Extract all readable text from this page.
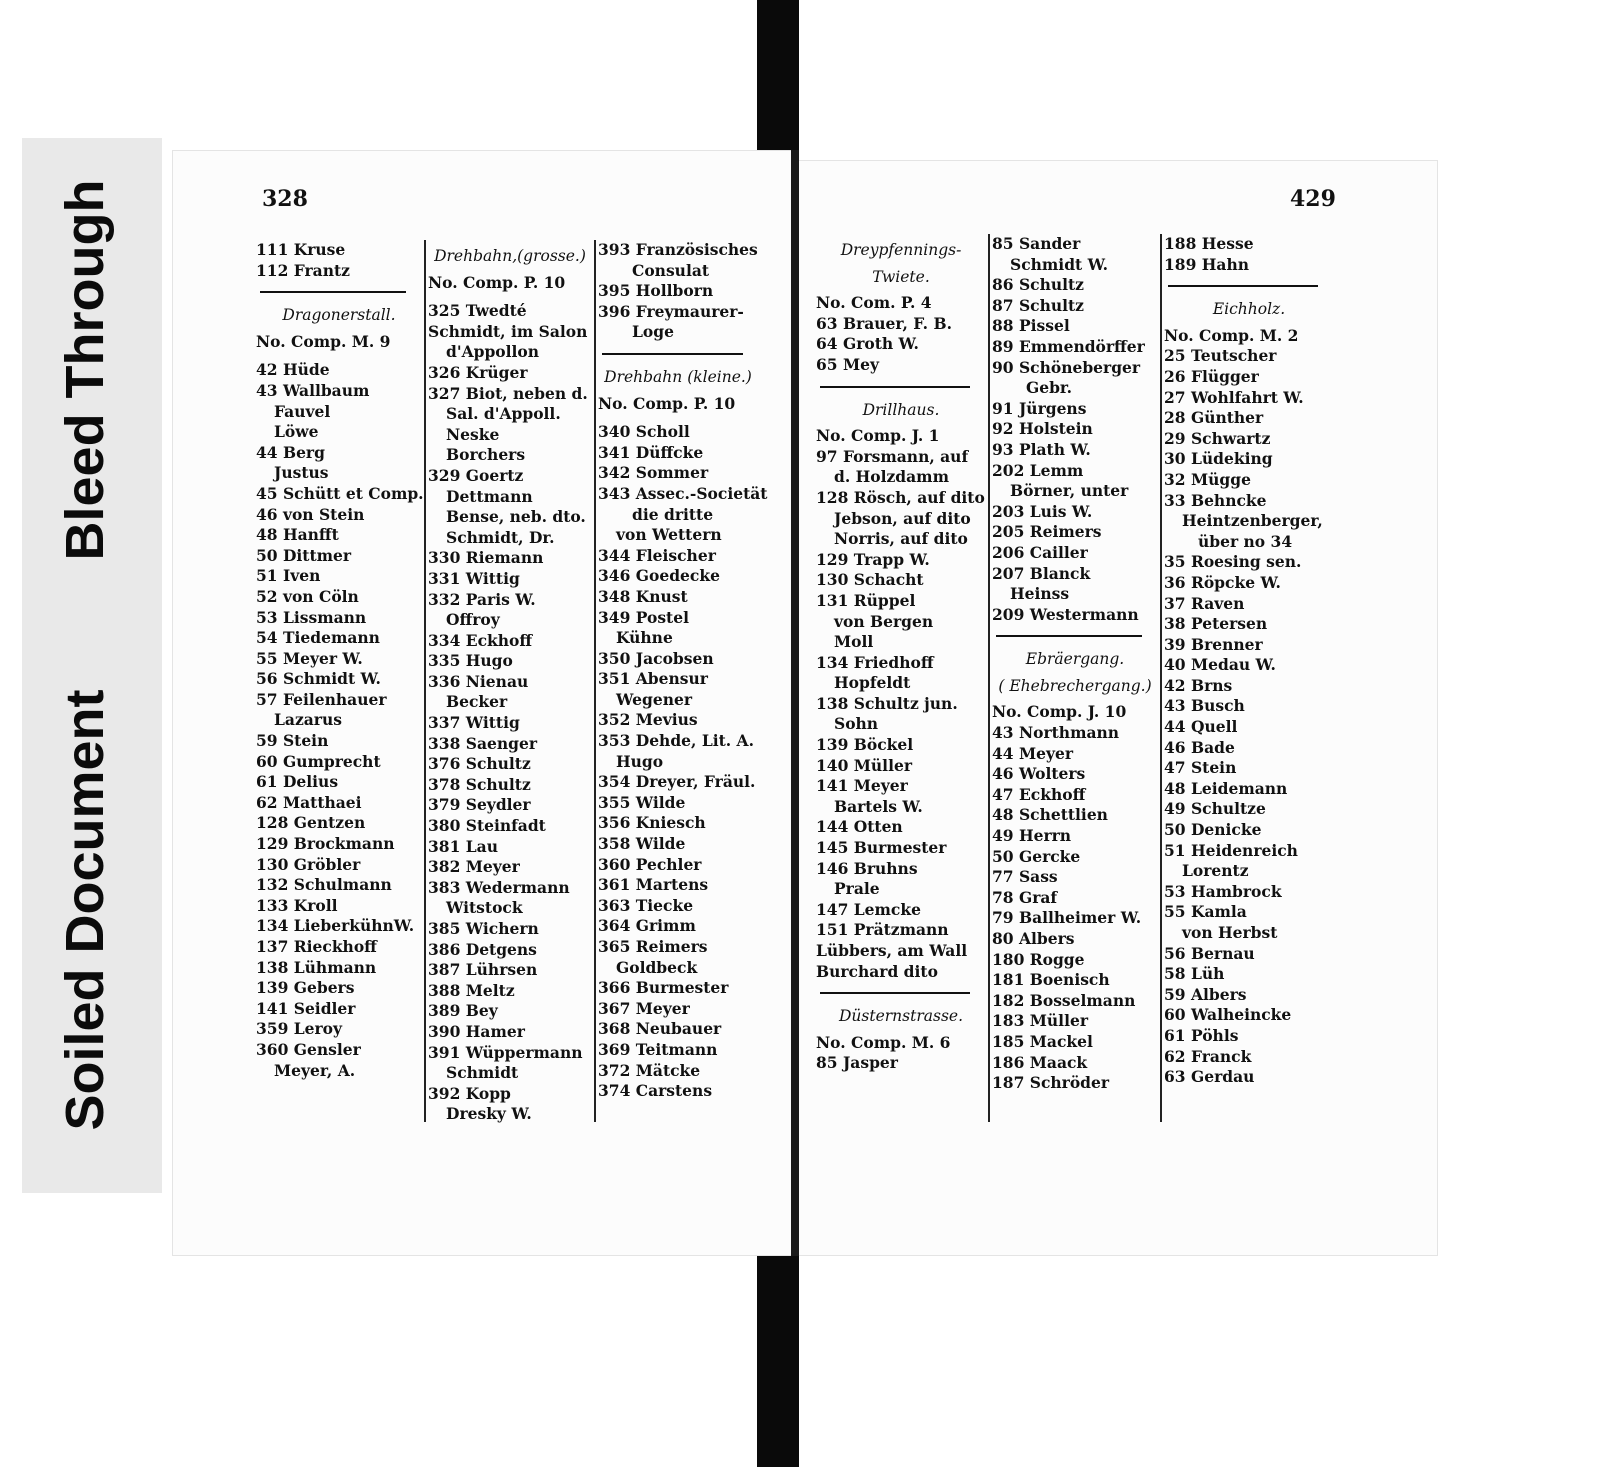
Soiled Document
Bleed Through	328	429
111 Kruse
112 Frantz
Dragonerstall.
No. Comp. M. 9
42 Hüde
43 Wallbaum
Fauvel
Löwe
44 Berg
Justus
45 Schütt et Comp.
46 von Stein
48 Hanfft
50 Dittmer
51 Iven
52 von Cöln
53 Lissmann
54 Tiedemann
55 Meyer W.
56 Schmidt W.
57 Feilenhauer
Lazarus
59 Stein
60 Gumprecht
61 Delius
62 Matthaei
128 Gentzen
129 Brockmann
130 Gröbler
132 Schulmann
133 Kroll
134 LieberkühnW.
137 Rieckhoff
138 Lühmann
139 Gebers
141 Seidler
359 Leroy
360 Gensler
Meyer, A.
Drehbahn,(grosse.)
No. Comp. P. 10
325 Twedté
Schmidt, im Salon
d'Appollon
326 Krüger
327 Biot, neben d.
Sal. d'Appoll.
Neske
Borchers
329 Goertz
Dettmann
Bense, neb. dto.
Schmidt, Dr.
330 Riemann
331 Wittig
332 Paris W.
Offroy
334 Eckhoff
335 Hugo
336 Nienau
Becker
337 Wittig
338 Saenger
376 Schultz
378 Schultz
379 Seydler
380 Steinfadt
381 Lau
382 Meyer
383 Wedermann
Witstock
385 Wichern
386 Detgens
387 Lührsen
388 Meltz
389 Bey
390 Hamer
391 Wüppermann
Schmidt
392 Kopp
Dresky W.
393 Französisches
Consulat
395 Hollborn
396 Freymaurer-
Loge
Drehbahn (kleine.)
No. Comp. P. 10
340 Scholl
341 Düffcke
342 Sommer
343 Assec.-Societät
die dritte
von Wettern
344 Fleischer
346 Goedecke
348 Knust
349 Postel
Kühne
350 Jacobsen
351 Abensur
Wegener
352 Mevius
353 Dehde, Lit. A.
Hugo
354 Dreyer, Fräul.
355 Wilde
356 Kniesch
358 Wilde
360 Pechler
361 Martens
363 Tiecke
364 Grimm
365 Reimers
Goldbeck
366 Burmester
367 Meyer
368 Neubauer
369 Teitmann
372 Mätcke
374 Carstens
Dreypfennings-
Twiete.
No. Com. P. 4
63 Brauer, F. B.
64 Groth W.
65 Mey
Drillhaus.
No. Comp. J. 1
97 Forsmann, auf
d. Holzdamm
128 Rösch, auf dito
Jebson, auf dito
Norris, auf dito
129 Trapp W.
130 Schacht
131 Rüppel
von Bergen
Moll
134 Friedhoff
Hopfeldt
138 Schultz jun.
Sohn
139 Böckel
140 Müller
141 Meyer
Bartels W.
144 Otten
145 Burmester
146 Bruhns
Prale
147 Lemcke
151 Prätzmann
Lübbers, am Wall
Burchard dito
Düsternstrasse.
No. Comp. M. 6
85 Jasper
85 Sander
Schmidt W.
86 Schultz
87 Schultz
88 Pissel
89 Emmendörffer
90 Schöneberger
Gebr.
91 Jürgens
92 Holstein
93 Plath W.
202 Lemm
Börner, unter
203 Luis W.
205 Reimers
206 Cailler
207 Blanck
Heinss
209 Westermann
Ebräergang.
( Ehebrechergang.)
No. Comp. J. 10
43 Northmann
44 Meyer
46 Wolters
47 Eckhoff
48 Schettlien
49 Herrn
50 Gercke
77 Sass
78 Graf
79 Ballheimer W.
80 Albers
180 Rogge
181 Boenisch
182 Bosselmann
183 Müller
185 Mackel
186 Maack
187 Schröder
188 Hesse
189 Hahn
Eichholz.
No. Comp. M. 2
25 Teutscher
26 Flügger
27 Wohlfahrt W.
28 Günther
29 Schwartz
30 Lüdeking
32 Mügge
33 Behncke
Heintzenberger,
über no 34
35 Roesing sen.
36 Röpcke W.
37 Raven
38 Petersen
39 Brenner
40 Medau W.
42 Brns
43 Busch
44 Quell
46 Bade
47 Stein
48 Leidemann
49 Schultze
50 Denicke
51 Heidenreich
Lorentz
53 Hambrock
55 Kamla
von Herbst
56 Bernau
58 Lüh
59 Albers
60 Walheincke
61 Pöhls
62 Franck
63 Gerdau
